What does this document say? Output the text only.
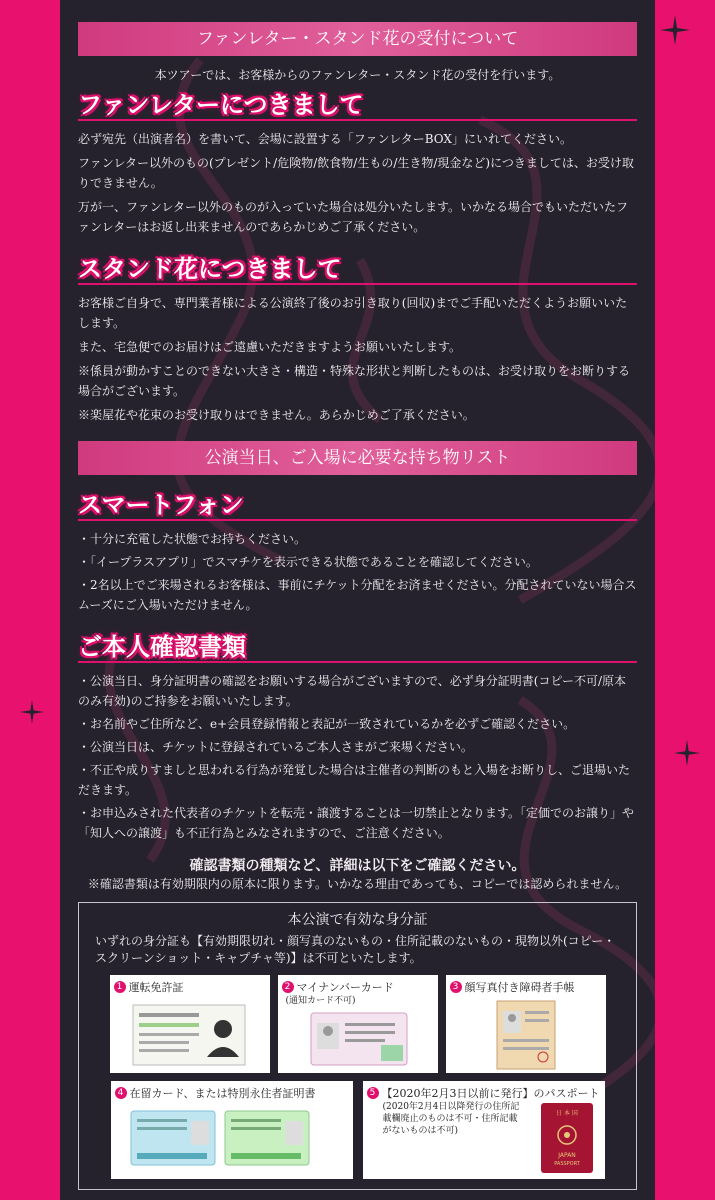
ファンレター・スタンド花の受付について
本ツアーでは、お客様からのファンレター・スタンド花の受付を行います。
ファンレターにつきまして
必ず宛先（出演者名）を書いて、会場に設置する「ファンレターBOX」にいれてください。
ファンレター以外のもの(プレゼント/危険物/飲食物/生もの/生き物/現金など)につきましては、お受け取りできません。
万が一、ファンレター以外のものが入っていた場合は処分いたします。いかなる場合でもいただいたファンレターはお返し出来ませんのであらかじめご了承ください。
スタンド花につきまして
お客様ご自身で、専門業者様による公演終了後のお引き取り(回収)までご手配いただくようお願いいたします。
また、宅急便でのお届けはご遠慮いただきますようお願いいたします。
※係員が動かすことのできない大きさ・構造・特殊な形状と判断したものは、お受け取りをお断りする場合がございます。
※楽屋花や花束のお受け取りはできません。あらかじめご了承ください。
公演当日、ご入場に必要な持ち物リスト
スマートフォン
・十分に充電した状態でお持ちください。
・「イープラスアプリ」でスマチケを表示できる状態であることを確認してください。
・2名以上でご来場されるお客様は、事前にチケット分配をお済ませください。分配されていない場合スムーズにご入場いただけません。
ご本人確認書類
・公演当日、身分証明書の確認をお願いする場合がございますので、必ず身分証明書(コピー不可/原本のみ有効)のご持参をお願いいたします。
・お名前やご住所など、e+会員登録情報と表記が一致されているかを必ずご確認ください。
・公演当日は、チケットに登録されているご本人さまがご来場ください。
・不正や成りすましと思われる行為が発覚した場合は主催者の判断のもと入場をお断りし、ご退場いただきます。
・お申込みされた代表者のチケットを転売・譲渡することは一切禁止となります。「定価でのお譲り」や「知人への譲渡」も不正行為とみなされますので、ご注意ください。
確認書類の種類など、詳細は以下をご確認ください。
※確認書類は有効期限内の原本に限ります。いかなる理由であっても、コピーでは認められません。
本公演で有効な身分証
いずれの身分証も【有効期限切れ・顔写真のないもの・住所記載のないもの・現物以外(コピー・スクリーンショット・キャプチャ等)】は不可といたします。
1 運転免許証	2 マイナンバーカード
(通知カード不可)
3 顔写真付き障碍者手帳
4 在留カード、または特別永住者証明書	5 【2020年2月3日以前に発行】のパスポート
(2020年2月4日以降発行の住所記載欄廃止のものは不可・住所記載がないものは不可)
日 本 国
JAPAN
PASSPORT
